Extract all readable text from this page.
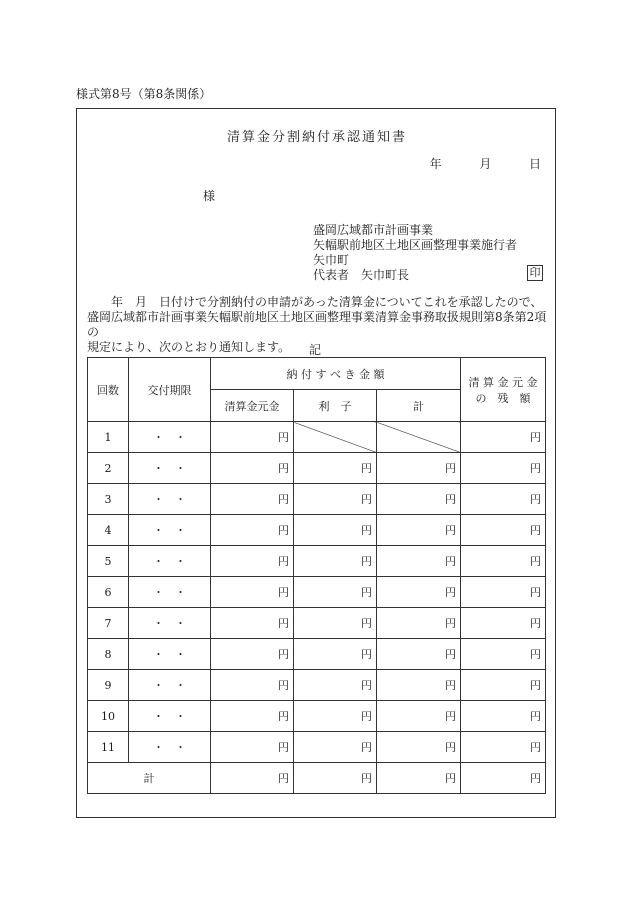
様式第8号（第8条関係）
清算金分割納付承認通知書
年	月	日
様
盛岡広域都市計画事業
矢幅駅前地区土地区画整理事業施行者
矢巾町
代表者　矢巾町長	印

　　年　月　日付けで分割納付の申請があった清算金についてこれを承認したので、

盛岡広域都市計画事業矢幅駅前地区土地区画整理事業清算金事務取扱規則第8条第2項の

規定により、次のとおり通知します。	記
回数	交付期限	納 付 す べ き 金 額			清 算 金 元 金
の　残　額

		清算金元金	利　子	計	
1	・　・	円			円
2	・　・	円	円	円	円
3	・　・	円	円	円	円
4	・　・	円	円	円	円
5	・　・	円	円	円	円
6	・　・	円	円	円	円
7	・　・	円	円	円	円
8	・　・	円	円	円	円
9	・　・	円	円	円	円
10	・　・	円	円	円	円
11	・　・	円	円	円	円
計		円	円	円	円
